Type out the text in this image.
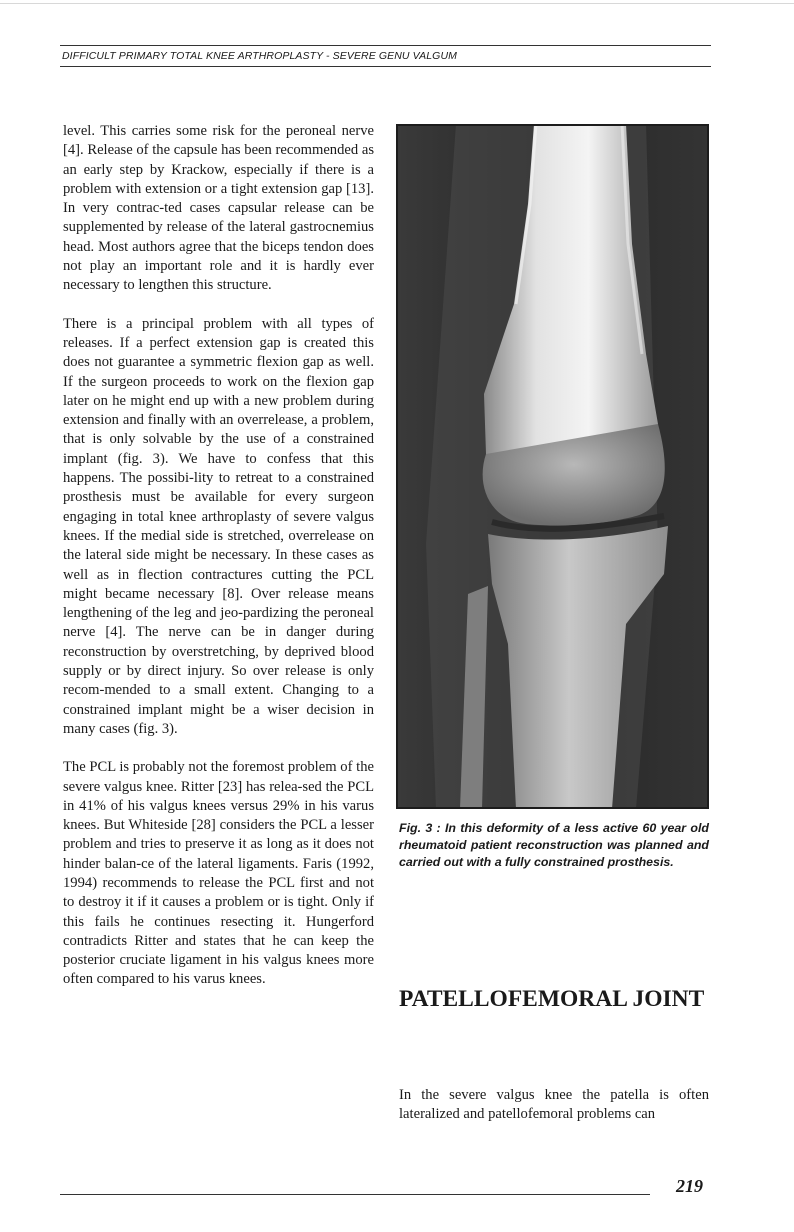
DIFFICULT PRIMARY TOTAL KNEE ARTHROPLASTY - SEVERE GENU VALGUM

level. This carries some risk for the peroneal nerve [4]. Release of the capsule has been recommended as an early step by Krackow, especially if there is a problem with extension or a tight extension gap [13]. In very contrac-ted cases capsular release can be supplemented by release of the lateral gastrocnemius head. Most authors agree that the biceps tendon does not play an important role and it is hardly ever necessary to lengthen this structure.

There is a principal problem with all types of releases. If a perfect extension gap is created this does not guarantee a symmetric flexion gap as well. If the surgeon proceeds to work on the flexion gap later on he might end up with a new problem during extension and finally with an overrelease, a problem, that is only solvable by the use of a constrained implant (fig. 3). We have to confess that this happens. The possibi-lity to retreat to a constrained prosthesis must be available for every surgeon engaging in total knee arthroplasty of severe valgus knees. If the medial side is stretched, overrelease on the lateral side might be necessary. In these cases as well as in flection contractures cutting the PCL might became necessary [8]. Over release means lengthening of the leg and jeo-pardizing the peroneal nerve [4]. The nerve can be in danger during reconstruction by overstretching, by deprived blood supply or by direct injury. So over release is only recom-mended to a small extent. Changing to a constrained implant might be a wiser decision in many cases (fig. 3).

The PCL is probably not the foremost problem of the severe valgus knee. Ritter [23] has relea-sed the PCL in 41% of his valgus knees versus 29% in his varus knees. But Whiteside [28] considers the PCL a lesser problem and tries to preserve it as long as it does not hinder balan-ce of the lateral ligaments. Faris (1992, 1994) recommends to release the PCL first and not to destroy it if it causes a problem or is tight. Only if this fails he continues resecting it. Hungerford contradicts Ritter and states that he can keep the posterior cruciate ligament in his valgus knees more often compared to his varus knees.

Fig. 3 : In this deformity of a less active 60 year old rheumatoid patient reconstruction was planned and carried out with a fully constrained prosthesis.
PATELLOFEMORAL JOINT

In the severe valgus knee the patella is often lateralized and patellofemoral problems can

219
